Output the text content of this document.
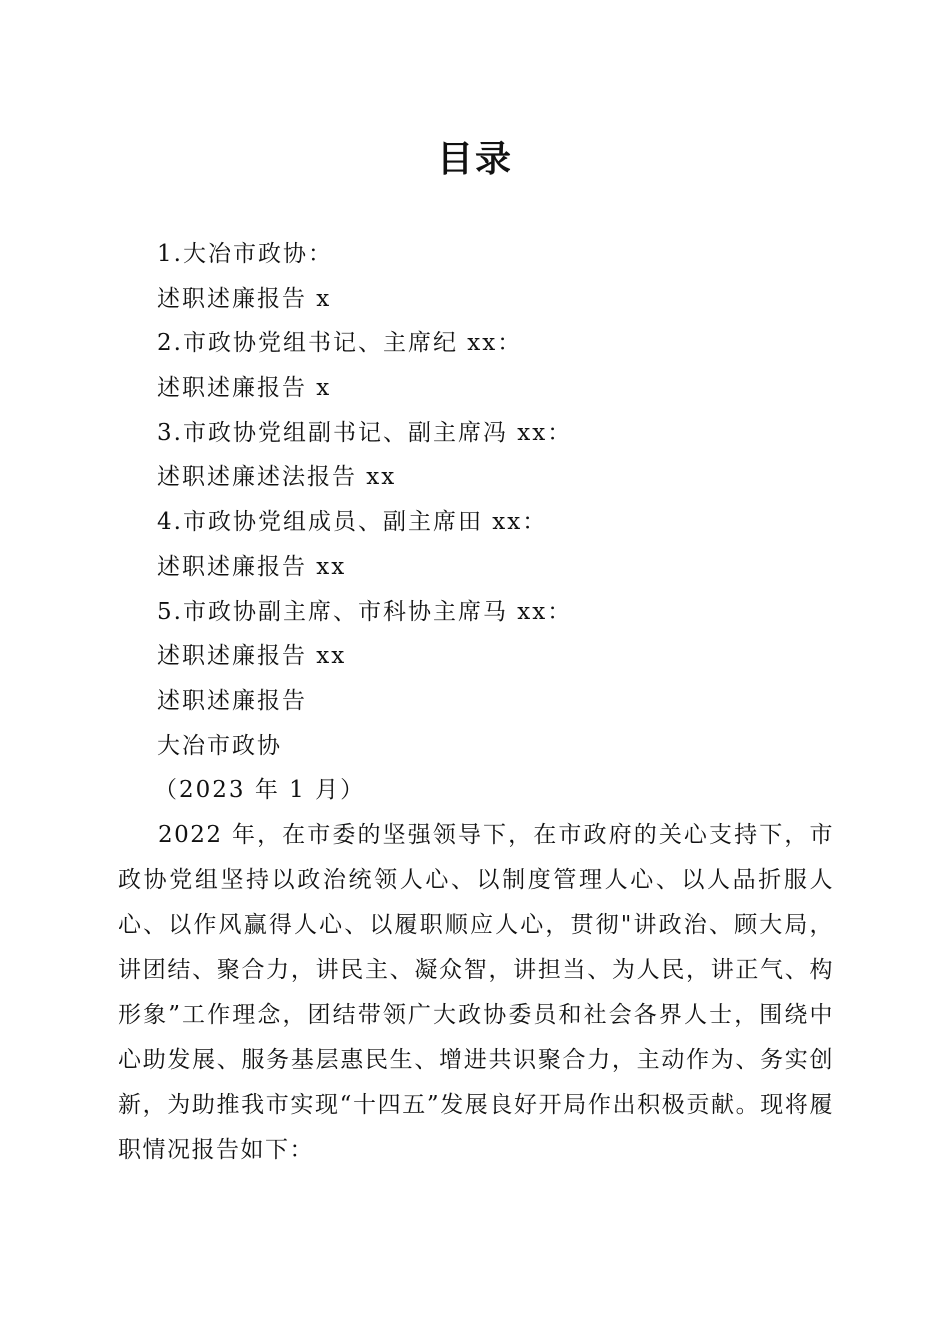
目录
1.大冶市政协：
述职述廉报告 x
2.市政协党组书记、主席纪 xx：
述职述廉报告 x
3.市政协党组副书记、副主席冯 xx：
述职述廉述法报告 xx
4.市政协党组成员、副主席田 xx：
述职述廉报告 xx
5.市政协副主席、市科协主席马 xx：
述职述廉报告 xx
述职述廉报告
大冶市政协
（2023 年 1 月）

2022 年，在市委的坚强领导下，在市政府的关心支持下，市政协党组坚持以政治统领人心、以制度管理人心、以人品折服人心、以作风赢得人心、以履职顺应人心，贯彻"讲政治、顾大局，讲团结、聚合力，讲民主、凝众智，讲担当、为人民，讲正气、构形象”工作理念，团结带领广大政协委员和社会各界人士，围绕中心助发展、服务基层惠民生、增进共识聚合力，主动作为、务实创新，为助推我市实现“十四五”发展良好开局作出积极贡献。现将履职情况报告如下：
